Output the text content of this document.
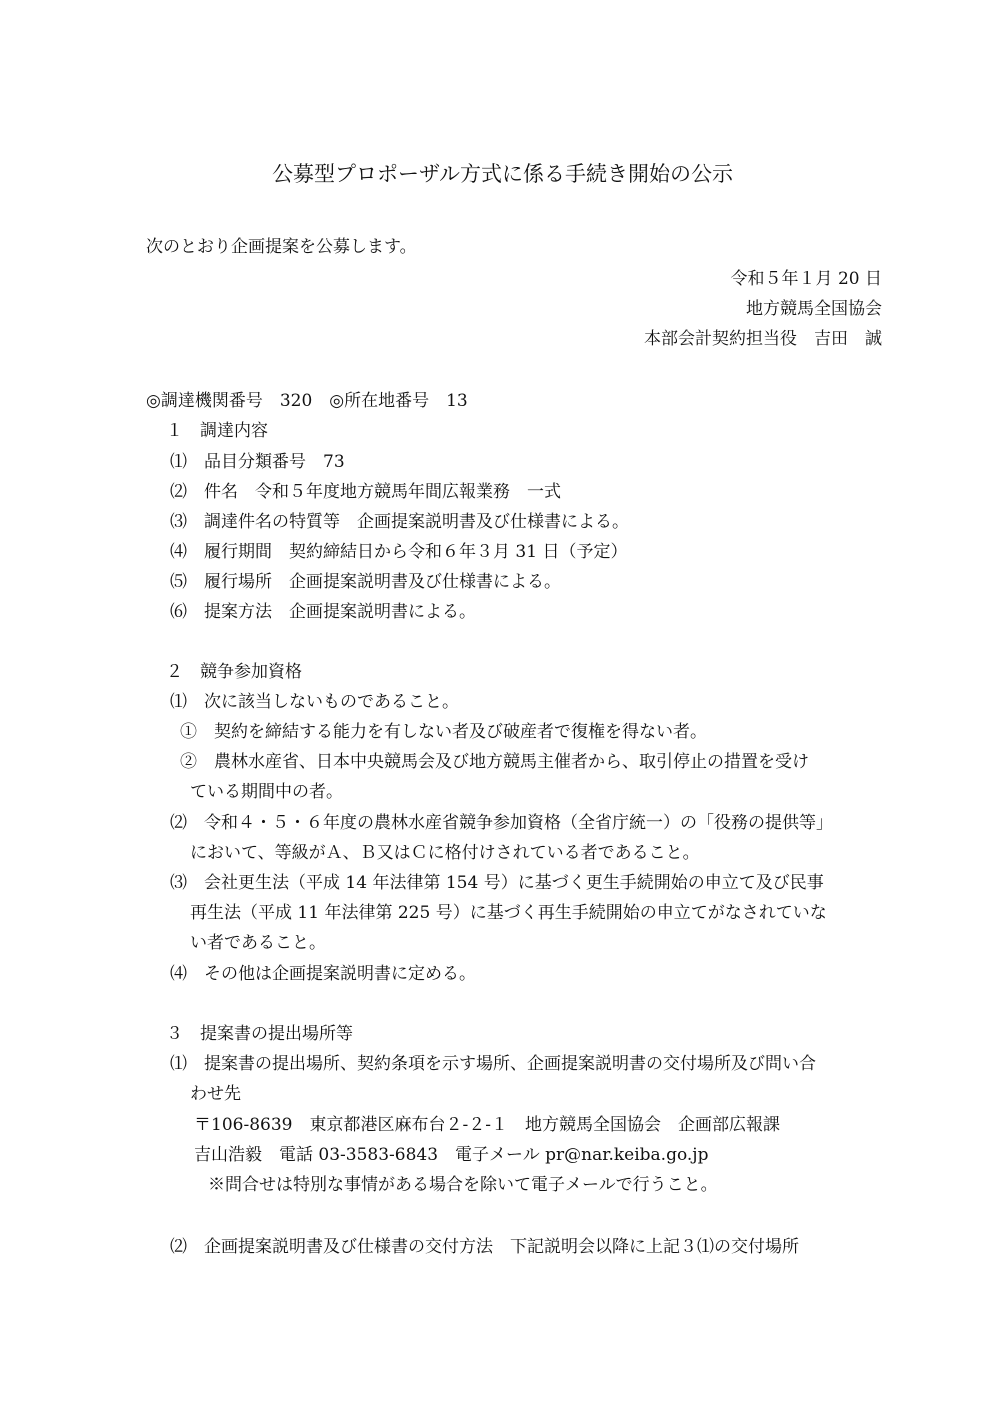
公募型プロポーザル方式に係る手続き開始の公示
次のとおり企画提案を公募します。
令和５年１月 20 日
地方競馬全国協会
本部会計契約担当役　吉田　誠
◎調達機関番号　320　◎所在地番号　13
１　調達内容
⑴　品目分類番号　73
⑵　件名　令和５年度地方競馬年間広報業務　一式
⑶　調達件名の特質等　企画提案説明書及び仕様書による。
⑷　履行期間　契約締結日から令和６年３月 31 日（予定）
⑸　履行場所　企画提案説明書及び仕様書による。
⑹　提案方法　企画提案説明書による。
２　競争参加資格
⑴　次に該当しないものであること。
①　契約を締結する能力を有しない者及び破産者で復権を得ない者。
②　農林水産省、日本中央競馬会及び地方競馬主催者から、取引停止の措置を受け
ている期間中の者。
⑵　令和４・５・６年度の農林水産省競争参加資格（全省庁統一）の「役務の提供等」
において、等級がＡ、Ｂ又はＣに格付けされている者であること。
⑶　会社更生法（平成 14 年法律第 154 号）に基づく更生手続開始の申立て及び民事
再生法（平成 11 年法律第 225 号）に基づく再生手続開始の申立てがなされていな
い者であること。
⑷　その他は企画提案説明書に定める。
３　提案書の提出場所等
⑴　提案書の提出場所、契約条項を示す場所、企画提案説明書の交付場所及び問い合
わせ先
〒106-8639　東京都港区麻布台２‐２‐１　地方競馬全国協会　企画部広報課
吉山浩毅　電話 03‐3583‐6843　電子メール pr@nar.keiba.go.jp
※問合せは特別な事情がある場合を除いて電子メールで行うこと。
⑵　企画提案説明書及び仕様書の交付方法　下記説明会以降に上記３⑴の交付場所
